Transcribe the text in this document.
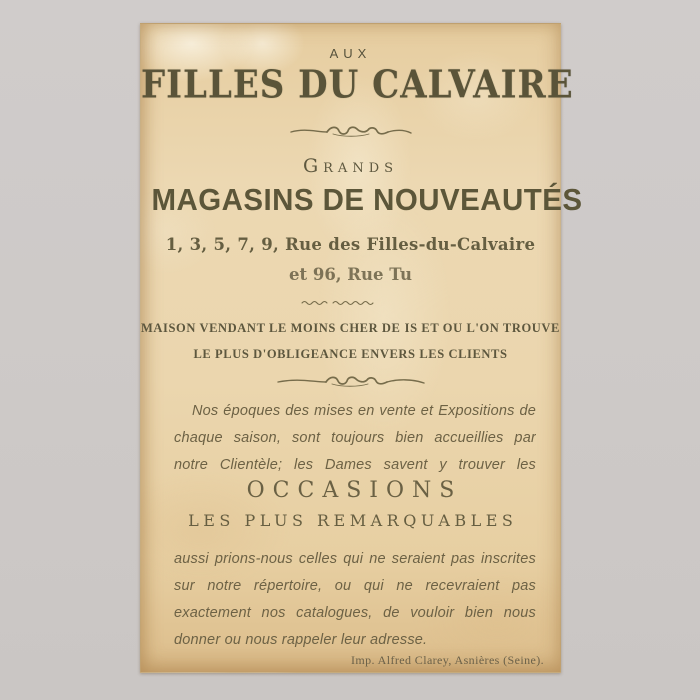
AUX
FILLES DU CALVAIRE
Grands
MAGASINS DE NOUVEAUTÉS
1, 3, 5, 7, 9, Rue des Filles-du-Calvaire
et 96, Rue Tu
MAISON VENDANT LE MOINS CHER DE IS ET OU L'ON TROUVE
LE PLUS D'OBLIGEANCE ENVERS LES CLIENTS
Nos époques des mises en vente et Expositions de
chaque saison, sont toujours bien accueillies par
notre Clientèle; les Dames savent y trouver les
OCCASIONS
LES PLUS REMARQUABLES
aussi prions-nous celles qui ne seraient pas inscrites
sur notre répertoire, ou qui ne recevraient pas
exactement nos catalogues, de vouloir bien nous
donner ou nous rappeler leur adresse.
Imp. Alfred Clarey, Asnières (Seine).
